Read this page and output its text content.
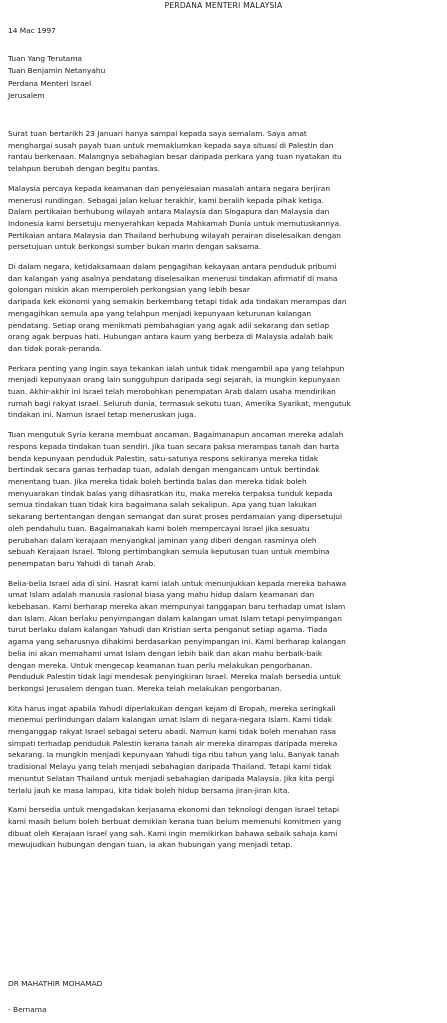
PERDANA MENTERI MALAYSIA
14 Mac 1997
Tuan Yang Terutama
Tuan Benjamin Netanyahu
Perdana Menteri Israel
Jerusalem
Surat tuan bertarikh 23 Januari hanya sampai kepada saya semalam. Saya amat
menghargai susah payah tuan untuk memaklumkan kepada saya situasi di Palestin dan
rantau berkenaan. Malangnya sebahagian besar daripada perkara yang tuan nyatakan itu
telahpun berubah dengan begitu pantas.
Malaysia percaya kepada keamanan dan penyelesaian masalah antara negara berjiran
menerusi rundingan. Sebagai jalan keluar terakhir, kami beralih kepada pihak ketiga.
Dalam pertikaian berhubung wilayah antara Malaysia dan Singapura dan Malaysia dan
Indonesia kami bersetuju menyerahkan kepada Mahkamah Dunia untuk memutuskannya.
Pertikaian antara Malaysia dan Thailand berhubung wilayah perairan diselesaikan dengan
persetujuan untuk berkongsi sumber bukan marin dengan saksama.
Di dalam negara, ketidaksamaan dalam pengagihan kekayaan antara penduduk pribumi
dan kalangan yang asalnya pendatang diselesaikan menerusi tindakan afirmatif di mana
golongan miskin akan memperoleh perkongsian yang lebih besar
daripada kek ekonomi yang semakin berkembang tetapi tidak ada tindakan merampas dan
mengagihkan semula apa yang telahpun menjadi kepunyaan keturunan kalangan
pendatang. Setiap orang menikmati pembahagian yang agak adil sekarang dan setiap
orang agak berpuas hati. Hubungan antara kaum yang berbeza di Malaysia adalah baik
dan tidak porak-peranda.
Perkara penting yang ingin saya tekankan ialah untuk tidak mengambil apa yang telahpun
menjadi kepunyaan orang lain sungguhpun daripada segi sejarah, ia mungkin kepunyaan
tuan. Akhir-akhir ini Israel telah merobohkan penempatan Arab dalam usaha mendirikan
rumah bagi rakyat Israel. Seluruh dunia, termasuk sekutu tuan, Amerika Syarikat, mengutuk
tindakan ini. Namun Israel tetap meneruskan juga.
Tuan mengutuk Syria kerana membuat ancaman. Bagaimanapun ancaman mereka adalah
respons kepada tindakan tuan sendiri. Jika tuan secara paksa merampas tanah dan harta
benda kepunyaan penduduk Palestin, satu-satunya respons sekiranya mereka tidak
bertindak secara ganas terhadap tuan, adalah dengan mengancam untuk bertindak
menentang tuan. Jika mereka tidak boleh bertinda balas dan mereka tidak boleh
menyuarakan tindak balas yang dihasratkan itu, maka mereka terpaksa tunduk kepada
semua tindakan tuan tidak kira bagaimana salah sekalipun. Apa yang tuan lakukan
sekarang bertentangan dengan semangat dan surat proses perdamaian yang dipersetujui
oleh pendahulu tuan. Bagaimanakah kami boleh mempercayai Israel jika sesuatu
perubahan dalam kerajaan menyangkal jaminan yang diberi dengan rasminya oleh
sebuah Kerajaan Israel. Tolong pertimbangkan semula keputusan tuan untuk membina
penempatan baru Yahudi di tanah Arab.
Belia-belia Israel ada di sini. Hasrat kami ialah untuk menunjukkan kepada mereka bahawa
umat Islam adalah manusia rasional biasa yang mahu hidup dalam keamanan dan
kebebasan. Kami berharap mereka akan mempunyai tanggapan baru terhadap umat Islam
dan Islam. Akan berlaku penyimpangan dalam kalangan umat Islam tetapi penyimpangan
turut berlaku dalam kalangan Yahudi dan Kristian serta penganut setiap agama. Tiada
agama yang seharusnya dihakimi berdasarkan penyimpangan ini. Kami berharap kalangan
belia ini akan memahami umat Islam dengan lebih baik dan akan mahu berbaik-baik
dengan mereka. Untuk mengecap keamanan tuan perlu melakukan pengorbanan.
Penduduk Palestin tidak lagi mendesak penyingkiran Israel. Mereka malah bersedia untuk
berkongsi Jerusalem dengan tuan. Mereka telah melakukan pengorbanan.
Kita harus ingat apabila Yahudi diperlakukan dengan kejam di Eropah, mereka seringkali
menemui perlindungan dalam kalangan umat Islam di negara-negara Islam. Kami tidak
menganggap rakyat Israel sebagai seteru abadi. Namun kami tidak boleh menahan rasa
simpati terhadap penduduk Palestin kerana tanah air mereka dirampas daripada mereka
sekarang. Ia mungkin menjadi kepunyaan Yahudi tiga ribu tahun yang lalu. Banyak tanah
tradisional Melayu yang telah menjadi sebahagian daripada Thailand. Tetapi kami tidak
menuntut Selatan Thailand untuk menjadi sebahagian daripada Malaysia. Jika kita pergi
terlalu jauh ke masa lampau, kita tidak boleh hidup bersama jiran-jiran kita.
Kami bersedia untuk mengadakan kerjasama ekonomi dan teknologi dengan Israel tetapi
kami masih belum boleh berbuat demikian kerana tuan belum memenuhi komitmen yang
dibuat oleh Kerajaan Israel yang sah. Kami ingin memikirkan bahawa sebaik sahaja kami
mewujudkan hubungan dengan tuan, ia akan hubungan yang menjadi tetap.
DR MAHATHIR MOHAMAD
- Bernama
